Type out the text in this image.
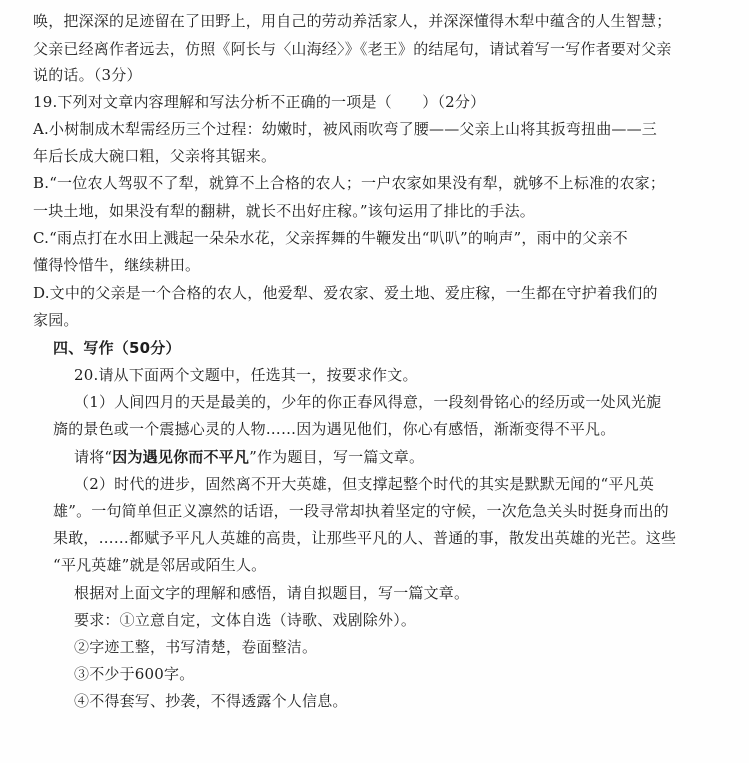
唤，把深深的足迹留在了田野上，用自己的劳动养活家人，并深深懂得木犁中蕴含的人生智慧；
父亲已经离作者远去，仿照《阿长与〈山海经〉》《老王》的结尾句，请试着写一写作者要对父亲
说的话。（3分）
19.下列对文章内容理解和写法分析不正确的一项是（　　）（2分）
A.小树制成木犁需经历三个过程：幼嫩时，被风雨吹弯了腰——父亲上山将其扳弯扭曲——三
年后长成大碗口粗，父亲将其锯来。
B.“一位农人驾驭不了犁，就算不上合格的农人；一户农家如果没有犁，就够不上标准的农家；
一块土地，如果没有犁的翻耕，就长不出好庄稼。”该句运用了排比的手法。
C.“雨点打在水田上溅起一朵朵水花，父亲挥舞的牛鞭发出“叭叭”的响声”，雨中的父亲不
懂得怜惜牛，继续耕田。
D.文中的父亲是一个合格的农人，他爱犁、爱农家、爱土地、爱庄稼，一生都在守护着我们的
家园。
四、写作（50分）
20.请从下面两个文题中，任选其一，按要求作文。
（1）人间四月的天是最美的，少年的你正春风得意，一段刻骨铭心的经历或一处风光旎
旖的景色或一个震撼心灵的人物……因为遇见他们，你心有感悟，渐渐变得不平凡。
请将“因为遇见你而不平凡”作为题目，写一篇文章。
（2）时代的进步，固然离不开大英雄，但支撑起整个时代的其实是默默无闻的“平凡英
雄”。一句简单但正义凛然的话语，一段寻常却执着坚定的守候，一次危急关头时挺身而出的
果敢，……都赋予平凡人英雄的高贵，让那些平凡的人、普通的事，散发出英雄的光芒。这些
“平凡英雄”就是邻居或陌生人。
根据对上面文字的理解和感悟，请自拟题目，写一篇文章。
要求：①立意自定，文体自选（诗歌、戏剧除外）。
②字迹工整，书写清楚，卷面整洁。
③不少于600字。
④不得套写、抄袭，不得透露个人信息。
